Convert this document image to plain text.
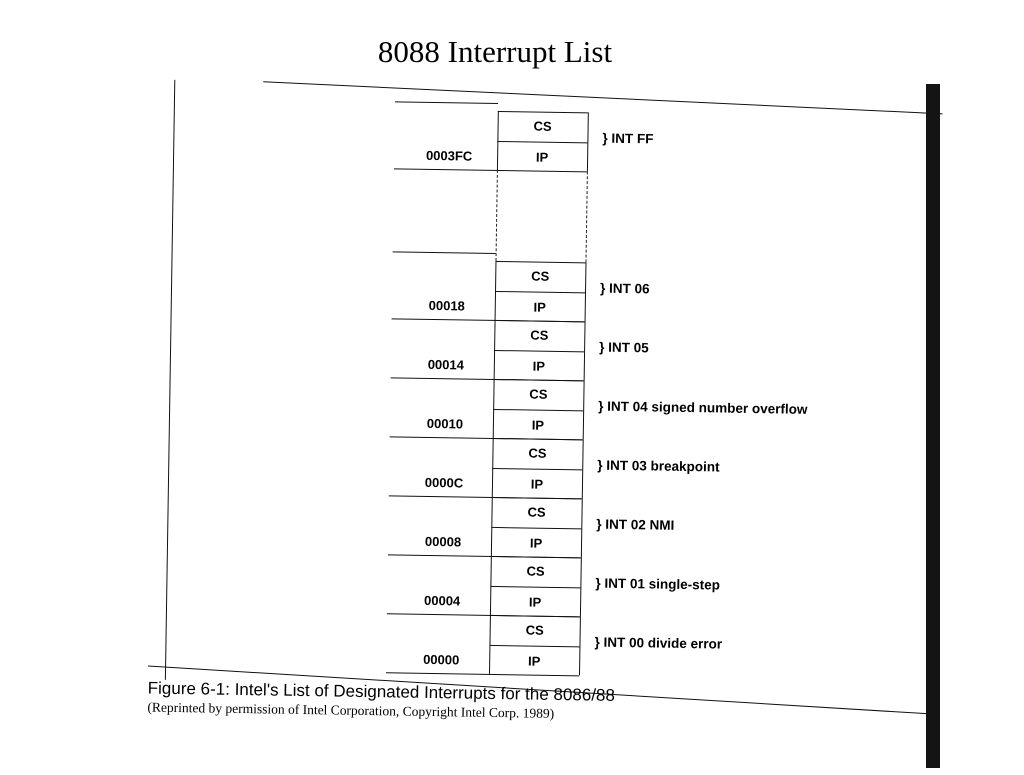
8088 Interrupt List
CS
IP
0003FC
} INT FF
CS
IP
00018
} INT 06
CS
IP
00014
} INT 05
CS
IP
00010
} INT 04 signed number overflow
CS
IP
0000C
} INT 03 breakpoint
CS
IP
00008
} INT 02 NMI
CS
IP
00004
} INT 01 single-step
CS
IP
00000
} INT 00 divide error
Figure 6-1: Intel's List of Designated Interrupts for the 8086/88
(Reprinted by permission of Intel Corporation, Copyright Intel Corp. 1989)
